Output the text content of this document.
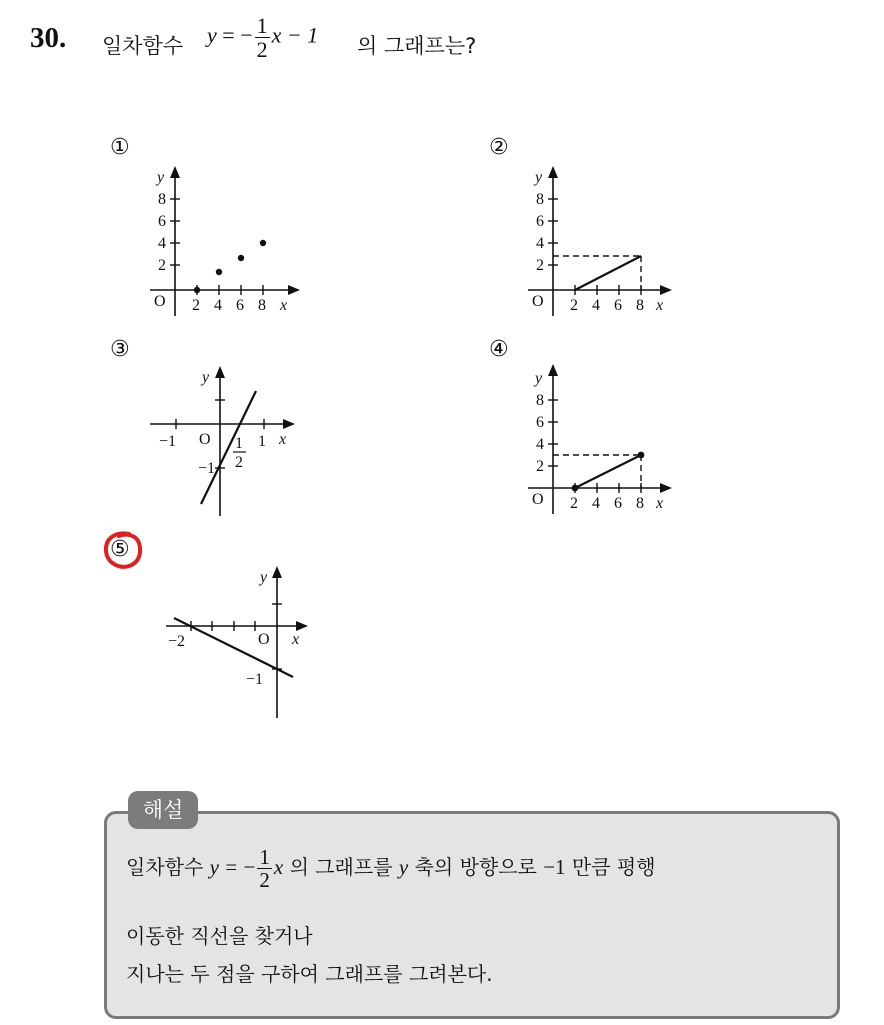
30. 일차함수 y = − $\frac{1}{2}$ x − 1 의 그래프는?
①	②
③	④
⑤
O 2 4 6 8 x
2
4
6
8
y
O 2 4 6 8 x
2
4
6
8
y
−1 O 1
2
1 x
−1
y
O 2 4 6 8 x
2
4
6
8
y
−2	O x
−1
y
해설
일차함수 y = − $\frac{1}{2}$ x 의 그래프를 y 축의 방향으로 −1 만큼 평행
이동한 직선을 찾거나
지나는 두 점을 구하여 그래프를 그려본다.
